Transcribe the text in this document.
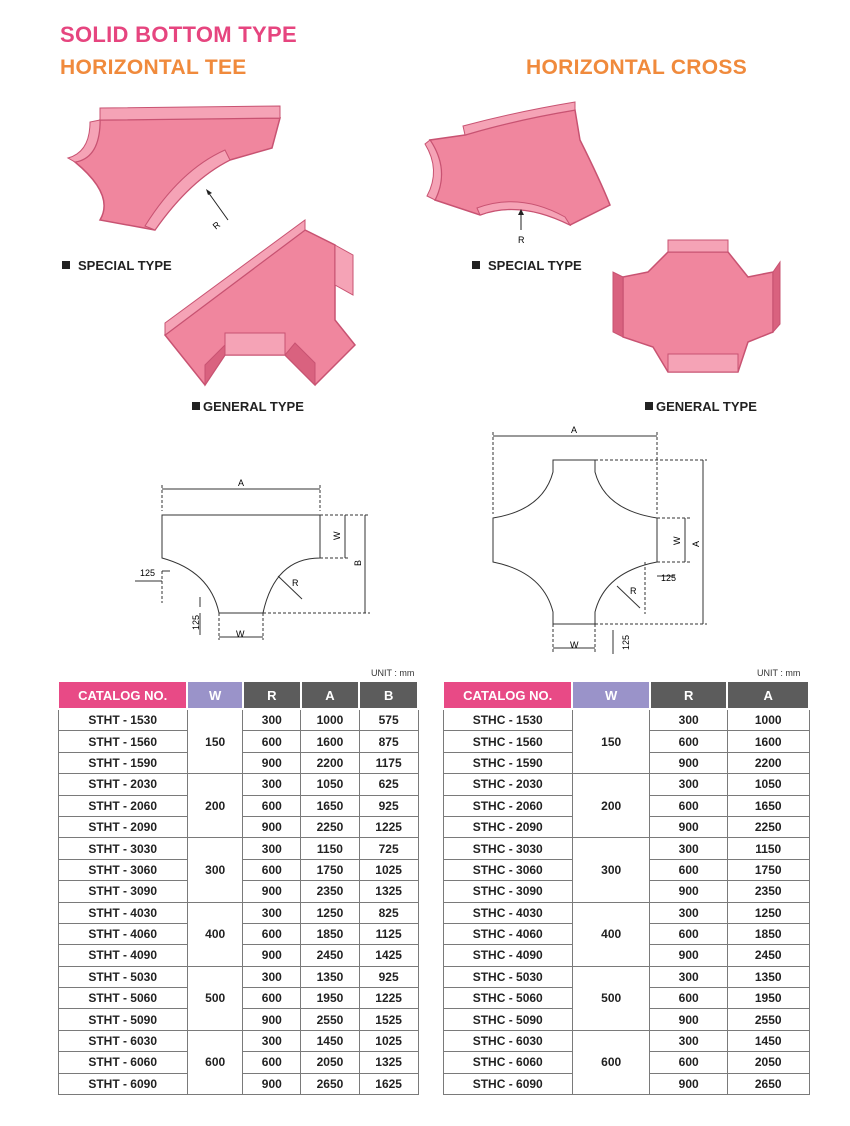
SOLID BOTTOM TYPE
HORIZONTAL TEE	HORIZONTAL CROSS
R
SPECIAL TYPE
GENERAL TYPE
R
SPECIAL TYPE
GENERAL TYPE
A
W
B
R
125
125
W
A
W A
125
R
W	125
UNIT : mm	UNIT : mm
CATALOG NO.	W	R	A	B
STHT - 1530	150	300	1000	575
STHT - 1560		600	1600	875
STHT - 1590		900	2200	1175
STHT - 2030	200	300	1050	625
STHT - 2060		600	1650	925
STHT - 2090		900	2250	1225
STHT - 3030	300	300	1150	725
STHT - 3060		600	1750	1025
STHT - 3090		900	2350	1325
STHT - 4030	400	300	1250	825
STHT - 4060		600	1850	1125
STHT - 4090		900	2450	1425
STHT - 5030	500	300	1350	925
STHT - 5060		600	1950	1225
STHT - 5090		900	2550	1525
STHT - 6030	600	300	1450	1025
STHT - 6060		600	2050	1325
STHT - 6090		900	2650	1625
CATALOG NO.	W	R	A
STHC - 1530	150	300	1000
STHC - 1560		600	1600
STHC - 1590		900	2200
STHC - 2030	200	300	1050
STHC - 2060		600	1650
STHC - 2090		900	2250
STHC - 3030	300	300	1150
STHC - 3060		600	1750
STHC - 3090		900	2350
STHC - 4030	400	300	1250
STHC - 4060		600	1850
STHC - 4090		900	2450
STHC - 5030	500	300	1350
STHC - 5060		600	1950
STHC - 5090		900	2550
STHC - 6030	600	300	1450
STHC - 6060		600	2050
STHC - 6090		900	2650
